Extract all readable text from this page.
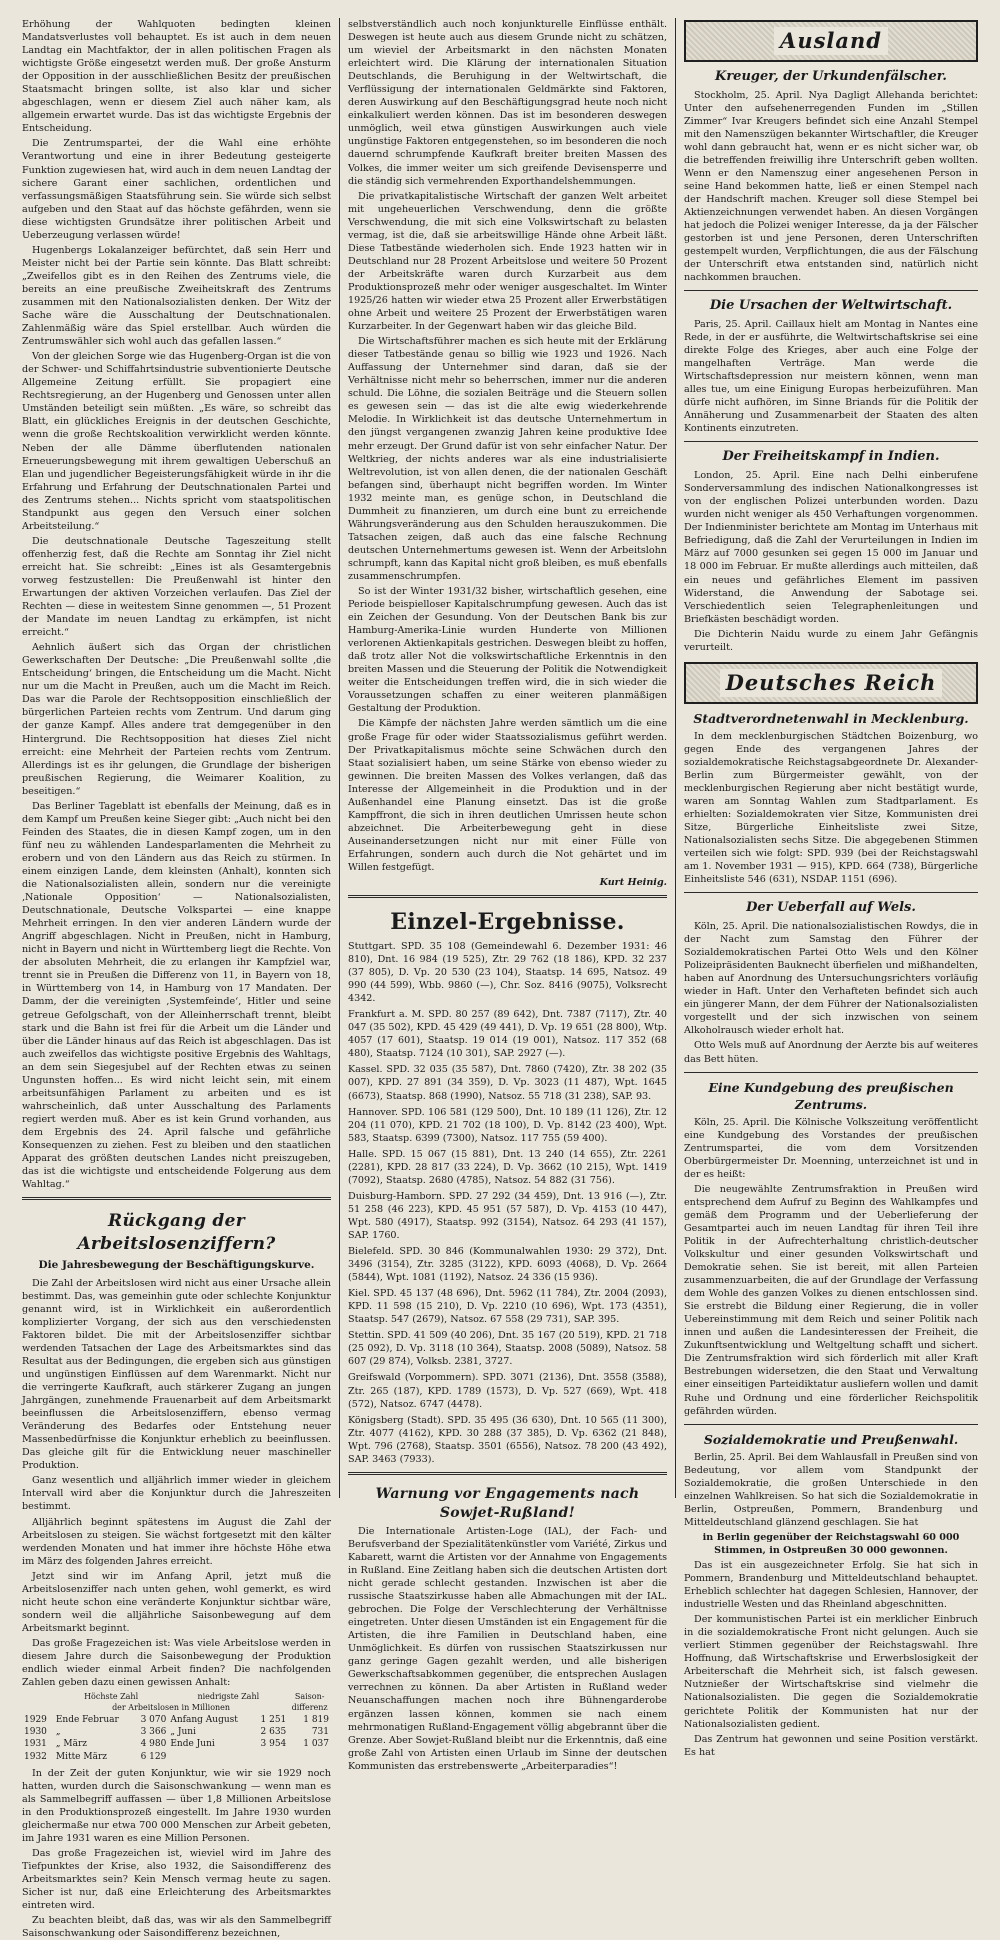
Erhöhung der Wahlquoten bedingten kleinen Mandatsverlustes voll behauptet. Es ist auch in dem neuen Landtag ein Machtfaktor, der in allen politischen Fragen als wichtigste Größe eingesetzt werden muß. Der große Ansturm der Opposition in der ausschließlichen Besitz der preußischen Staatsmacht bringen sollte, ist also klar und sicher abgeschlagen, wenn er diesem Ziel auch näher kam, als allgemein erwartet wurde. Das ist das wichtigste Ergebnis der Entscheidung.

Die Zentrumspartei, der die Wahl eine erhöhte Verantwortung und eine in ihrer Bedeutung gesteigerte Funktion zugewiesen hat, wird auch in dem neuen Landtag der sichere Garant einer sachlichen, ordentlichen und verfassungsmäßigen Staatsführung sein. Sie würde sich selbst aufgeben und den Staat auf das höchste gefährden, wenn sie diese wichtigsten Grundsätze ihrer politischen Arbeit und Ueberzeugung verlassen würde!

Hugenbergs Lokalanzeiger befürchtet, daß sein Herr und Meister nicht bei der Partie sein könnte. Das Blatt schreibt: „Zweifellos gibt es in den Reihen des Zentrums viele, die bereits an eine preußische Zweiheitskraft des Zentrums zusammen mit den Nationalsozialisten denken. Der Witz der Sache wäre die Ausschaltung der Deutschnationalen. Zahlenmäßig wäre das Spiel erstellbar. Auch würden die Zentrumswähler sich wohl auch das gefallen lassen.“

Von der gleichen Sorge wie das Hugenberg-Organ ist die von der Schwer- und Schiffahrtsindustrie subventionierte Deutsche Allgemeine Zeitung erfüllt. Sie propagiert eine Rechtsregierung, an der Hugenberg und Genossen unter allen Umständen beteiligt sein müßten. „Es wäre, so schreibt das Blatt, ein glückliches Ereignis in der deutschen Geschichte, wenn die große Rechtskoalition verwirklicht werden könnte. Neben der alle Dämme überflutenden nationalen Erneuerungsbewegung mit ihrem gewaltigen Ueberschuß an Elan und jugendlicher Begeisterungsfähigkeit würde in ihr die Erfahrung und Erfahrung der Deutschnationalen Partei und des Zentrums stehen... Nichts spricht vom staatspolitischen Standpunkt aus gegen den Versuch einer solchen Arbeitsteilung.“

Die deutschnationale Deutsche Tageszeitung stellt offenherzig fest, daß die Rechte am Sonntag ihr Ziel nicht erreicht hat. Sie schreibt: „Eines ist als Gesamtergebnis vorweg festzustellen: Die Preußenwahl ist hinter den Erwartungen der aktiven Vorzeichen verlaufen. Das Ziel der Rechten — diese in weitestem Sinne genommen —, 51 Prozent der Mandate im neuen Landtag zu erkämpfen, ist nicht erreicht.“

Aehnlich äußert sich das Organ der christlichen Gewerkschaften Der Deutsche: „Die Preußenwahl sollte ‚die Entscheidung‘ bringen, die Entscheidung um die Macht. Nicht nur um die Macht in Preußen, auch um die Macht im Reich. Das war die Parole der Rechtsopposition einschließlich der bürgerlichen Parteien rechts vom Zentrum. Und darum ging der ganze Kampf. Alles andere trat demgegenüber in den Hintergrund. Die Rechtsopposition hat dieses Ziel nicht erreicht: eine Mehrheit der Parteien rechts vom Zentrum. Allerdings ist es ihr gelungen, die Grundlage der bisherigen preußischen Regierung, die Weimarer Koalition, zu beseitigen.“

Das Berliner Tageblatt ist ebenfalls der Meinung, daß es in dem Kampf um Preußen keine Sieger gibt: „Auch nicht bei den Feinden des Staates, die in diesen Kampf zogen, um in den fünf neu zu wählenden Landesparlamenten die Mehrheit zu erobern und von den Ländern aus das Reich zu stürmen. In einem einzigen Lande, dem kleinsten (Anhalt), konnten sich die Nationalsozialisten allein, sondern nur die vereinigte ‚Nationale Opposition‘ — Nationalsozialisten, Deutschnationale, Deutsche Volkspartei — eine knappe Mehrheit erringen. In den vier anderen Ländern wurde der Angriff abgeschlagen. Nicht in Preußen, nicht in Hamburg, nicht in Bayern und nicht in Württemberg liegt die Rechte. Von der absoluten Mehrheit, die zu erlangen ihr Kampfziel war, trennt sie in Preußen die Differenz von 11, in Bayern von 18, in Württemberg von 14, in Hamburg von 17 Mandaten. Der Damm, der die vereinigten ‚Systemfeinde‘, Hitler und seine getreue Gefolgschaft, von der Alleinherrschaft trennt, bleibt stark und die Bahn ist frei für die Arbeit um die Länder und über die Länder hinaus auf das Reich ist abgeschlagen. Das ist auch zweifellos das wichtigste positive Ergebnis des Wahltags, an dem sein Siegesjubel auf der Rechten etwas zu seinen Ungunsten hoffen... Es wird nicht leicht sein, mit einem arbeitsunfähigen Parlament zu arbeiten und es ist wahrscheinlich, daß unter Ausschaltung des Parlaments regiert werden muß. Aber es ist kein Grund vorhanden, aus dem Ergebnis des 24. April falsche und gefährliche Konsequenzen zu ziehen. Fest zu bleiben und den staatlichen Apparat des größten deutschen Landes nicht preiszugeben, das ist die wichtigste und entscheidende Folgerung aus dem Wahltag.“

Rückgang der Arbeitslosenziffern?
Die Jahresbewegung der Beschäftigungskurve.

Die Zahl der Arbeitslosen wird nicht aus einer Ursache allein bestimmt. Das, was gemeinhin gute oder schlechte Konjunktur genannt wird, ist in Wirklichkeit ein außerordentlich komplizierter Vorgang, der sich aus den verschiedensten Faktoren bildet. Die mit der Arbeitslosenziffer sichtbar werdenden Tatsachen der Lage des Arbeitsmarktes sind das Resultat aus der Bedingungen, die ergeben sich aus günstigen und ungünstigen Einflüssen auf dem Warenmarkt. Nicht nur die verringerte Kaufkraft, auch stärkerer Zugang an jungen Jahrgängen, zunehmende Frauenarbeit auf dem Arbeitsmarkt beeinflussen die Arbeitslosenziffern, ebenso vermag Veränderung des Bedarfes oder Entstehung neuer Massenbedürfnisse die Konjunktur erheblich zu beeinflussen. Das gleiche gilt für die Entwicklung neuer maschineller Produktion.

Ganz wesentlich und alljährlich immer wieder in gleichem Intervall wird aber die Konjunktur durch die Jahreszeiten bestimmt.

Alljährlich beginnt spätestens im August die Zahl der Arbeitslosen zu steigen. Sie wächst fortgesetzt mit den kälter werdenden Monaten und hat immer ihre höchste Höhe etwa im März des folgenden Jahres erreicht.

Jetzt sind wir im Anfang April, jetzt muß die Arbeitslosenziffer nach unten gehen, wohl gemerkt, es wird nicht heute schon eine veränderte Konjunktur sichtbar wäre, sondern weil die alljährliche Saisonbewegung auf dem Arbeitsmarkt beginnt.

Das große Fragezeichen ist: Was viele Arbeitslose werden in diesem Jahre durch die Saisonbewegung der Produktion endlich wieder einmal Arbeit finden? Die nachfolgenden Zahlen geben dazu einen gewissen Anhalt:

	Höchste Zahl		niedrigste Zahl		Saison-
	der Arbeitslosen in Millionen				differenz
1929	Ende Februar	3 070	Anfang August	1 251	1 819
1930	„	3 366	„ Juni	2 635	731
1931	„ März	4 980	Ende Juni	3 954	1 037
1932	Mitte März	6 129			

In der Zeit der guten Konjunktur, wie wir sie 1929 noch hatten, wurden durch die Saisonschwankung — wenn man es als Sammelbegriff auffassen — über 1,8 Millionen Arbeitslose in den Produktionsprozeß eingestellt. Im Jahre 1930 wurden gleichermaße nur etwa 700 000 Menschen zur Arbeit gebeten, im Jahre 1931 waren es eine Million Personen.

Das große Fragezeichen ist, wieviel wird im Jahre des Tiefpunktes der Krise, also 1932, die Saisondifferenz des Arbeitsmarktes sein? Kein Mensch vermag heute zu sagen. Sicher ist nur, daß eine Erleichterung des Arbeitsmarktes eintreten wird.

Zu beachten bleibt, daß das, was wir als den Sammelbegriff Saisonschwankung oder Saisondifferenz bezeichnen,

selbstverständlich auch noch konjunkturelle Einflüsse enthält. Deswegen ist heute auch aus diesem Grunde nicht zu schätzen, um wieviel der Arbeitsmarkt in den nächsten Monaten erleichtert wird. Die Klärung der internationalen Situation Deutschlands, die Beruhigung in der Weltwirtschaft, die Verflüssigung der internationalen Geldmärkte sind Faktoren, deren Auswirkung auf den Beschäftigungsgrad heute noch nicht einkalkuliert werden können. Das ist im besonderen deswegen unmöglich, weil etwa günstigen Auswirkungen auch viele ungünstige Faktoren entgegenstehen, so im besonderen die noch dauernd schrumpfende Kaufkraft breiter breiten Massen des Volkes, die immer weiter um sich greifende Devisensperre und die ständig sich vermehrenden Exporthandelshemmungen.

Die privatkapitalistische Wirtschaft der ganzen Welt arbeitet mit ungeheuerlichen Verschwendung, denn die größte Verschwendung, die mit sich eine Volkswirtschaft zu belasten vermag, ist die, daß sie arbeitswillige Hände ohne Arbeit läßt. Diese Tatbestände wiederholen sich. Ende 1923 hatten wir in Deutschland nur 28 Prozent Arbeitslose und weitere 50 Prozent der Arbeitskräfte waren durch Kurzarbeit aus dem Produktionsprozeß mehr oder weniger ausgeschaltet. Im Winter 1925/26 hatten wir wieder etwa 25 Prozent aller Erwerbstätigen ohne Arbeit und weitere 25 Prozent der Erwerbstätigen waren Kurzarbeiter. In der Gegenwart haben wir das gleiche Bild.

Die Wirtschaftsführer machen es sich heute mit der Erklärung dieser Tatbestände genau so billig wie 1923 und 1926. Nach Auffassung der Unternehmer sind daran, daß sie der Verhältnisse nicht mehr so beherrschen, immer nur die anderen schuld. Die Löhne, die sozialen Beiträge und die Steuern sollen es gewesen sein — das ist die alte ewig wiederkehrende Melodie. In Wirklichkeit ist das deutsche Unternehmertum in den jüngst vergangenen zwanzig Jahren keine produktive Idee mehr erzeugt. Der Grund dafür ist von sehr einfacher Natur. Der Weltkrieg, der nichts anderes war als eine industrialisierte Weltrevolution, ist von allen denen, die der nationalen Geschäft befangen sind, überhaupt nicht begriffen worden. Im Winter 1932 meinte man, es genüge schon, in Deutschland die Dummheit zu finanzieren, um durch eine bunt zu erreichende Währungsveränderung aus den Schulden herauszukommen. Die Tatsachen zeigen, daß auch das eine falsche Rechnung deutschen Unternehmertums gewesen ist. Wenn der Arbeitslohn schrumpft, kann das Kapital nicht groß bleiben, es muß ebenfalls zusammenschrumpfen.

So ist der Winter 1931/32 bisher, wirtschaftlich gesehen, eine Periode beispielloser Kapitalschrumpfung gewesen. Auch das ist ein Zeichen der Gesundung. Von der Deutschen Bank bis zur Hamburg-Amerika-Linie wurden Hunderte von Millionen verlorenen Aktienkapitals gestrichen. Deswegen bleibt zu hoffen, daß trotz aller Not die volkswirtschaftliche Erkenntnis in den breiten Massen und die Steuerung der Politik die Notwendigkeit weiter die Entscheidungen treffen wird, die in sich wieder die Voraussetzungen schaffen zu einer weiteren planmäßigen Gestaltung der Produktion.

Die Kämpfe der nächsten Jahre werden sämtlich um die eine große Frage für oder wider Staatssozialismus geführt werden. Der Privatkapitalismus möchte seine Schwächen durch den Staat sozialisiert haben, um seine Stärke von ebenso wieder zu gewinnen. Die breiten Massen des Volkes verlangen, daß das Interesse der Allgemeinheit in die Produktion und in der Außenhandel eine Planung einsetzt. Das ist die große Kampffront, die sich in ihren deutlichen Umrissen heute schon abzeichnet. Die Arbeiterbewegung geht in diese Auseinandersetzungen nicht nur mit einer Fülle von Erfahrungen, sondern auch durch die Not gehärtet und im Willen festgefügt.

Kurt Heinig.
Einzel-Ergebnisse.

Stuttgart. SPD. 35 108 (Gemeindewahl 6. Dezember 1931: 46 810), Dnt. 16 984 (19 525), Ztr. 29 762 (18 186), KPD. 32 237 (37 805), D. Vp. 20 530 (23 104), Staatsp. 14 695, Natsoz. 49 990 (44 599), Wbb. 9860 (—), Chr. Soz. 8416 (9075), Volksrecht 4342.

Frankfurt a. M. SPD. 80 257 (89 642), Dnt. 7387 (7117), Ztr. 40 047 (35 502), KPD. 45 429 (49 441), D. Vp. 19 651 (28 800), Wtp. 4057 (17 601), Staatsp. 19 014 (19 001), Natsoz. 117 352 (68 480), Staatsp. 7124 (10 301), SAP. 2927 (—).

Kassel. SPD. 32 035 (35 587), Dnt. 7860 (7420), Ztr. 38 202 (35 007), KPD. 27 891 (34 359), D. Vp. 3023 (11 487), Wpt. 1645 (6673), Staatsp. 868 (1990), Natsoz. 55 718 (31 238), SAP. 93.

Hannover. SPD. 106 581 (129 500), Dnt. 10 189 (11 126), Ztr. 12 204 (11 070), KPD. 21 702 (18 100), D. Vp. 8142 (23 400), Wpt. 583, Staatsp. 6399 (7300), Natsoz. 117 755 (59 400).

Halle. SPD. 15 067 (15 881), Dnt. 13 240 (14 655), Ztr. 2261 (2281), KPD. 28 817 (33 224), D. Vp. 3662 (10 215), Wpt. 1419 (7092), Staatsp. 2680 (4785), Natsoz. 54 882 (31 756).

Duisburg-Hamborn. SPD. 27 292 (34 459), Dnt. 13 916 (—), Ztr. 51 258 (46 223), KPD. 45 951 (57 587), D. Vp. 4153 (10 447), Wpt. 580 (4917), Staatsp. 992 (3154), Natsoz. 64 293 (41 157), SAP. 1760.

Bielefeld. SPD. 30 846 (Kommunalwahlen 1930: 29 372), Dnt. 3496 (3154), Ztr. 3285 (3122), KPD. 6093 (4068), D. Vp. 2664 (5844), Wpt. 1081 (1192), Natsoz. 24 336 (15 936).

Kiel. SPD. 45 137 (48 696), Dnt. 5962 (11 784), Ztr. 2004 (2093), KPD. 11 598 (15 210), D. Vp. 2210 (10 696), Wpt. 173 (4351), Staatsp. 547 (2679), Natsoz. 67 558 (29 731), SAP. 395.

Stettin. SPD. 41 509 (40 206), Dnt. 35 167 (20 519), KPD. 21 718 (25 092), D. Vp. 3118 (10 364), Staatsp. 2008 (5089), Natsoz. 58 607 (29 874), Volksb. 2381, 3727.

Greifswald (Vorpommern). SPD. 3071 (2136), Dnt. 3558 (3588), Ztr. 265 (187), KPD. 1789 (1573), D. Vp. 527 (669), Wpt. 418 (572), Natsoz. 6747 (4478).

Königsberg (Stadt). SPD. 35 495 (36 630), Dnt. 10 565 (11 300), Ztr. 4077 (4162), KPD. 30 288 (37 385), D. Vp. 6362 (21 848), Wpt. 796 (2768), Staatsp. 3501 (6556), Natsoz. 78 200 (43 492), SAP. 3463 (7933).

Warnung vor Engagements nach Sowjet-Rußland!

Die Internationale Artisten-Loge (IAL), der Fach- und Berufsverband der Spezialitätenkünstler vom Variété, Zirkus und Kabarett, warnt die Artisten vor der Annahme von Engagements in Rußland. Eine Zeitlang haben sich die deutschen Artisten dort nicht gerade schlecht gestanden. Inzwischen ist aber die russische Staatszirkusse haben alle Abmachungen mit der IAL. gebrochen. Die Folge der Verschlechterung der Verhältnisse eingetreten. Unter diesen Umständen ist ein Engagement für die Artisten, die ihre Familien in Deutschland haben, eine Unmöglichkeit. Es dürfen von russischen Staatszirkussen nur ganz geringe Gagen gezahlt werden, und alle bisherigen Gewerkschaftsabkommen gegenüber, die entsprechen Auslagen verrechnen zu können. Da aber Artisten in Rußland weder Neuanschaffungen machen noch ihre Bühnengarderobe ergänzen lassen können, kommen sie nach einem mehrmonatigen Rußland-Engagement völlig abgebrannt über die Grenze. Aber Sowjet-Rußland bleibt nur die Erkenntnis, daß eine große Zahl von Artisten einen Urlaub im Sinne der deutschen Kommunisten das erstrebenswerte „Arbeiterparadies“!

Ausland
Kreuger, der Urkundenfälscher.

Stockholm, 25. April. Nya Dagligt Allehanda berichtet: Unter den aufsehenerregenden Funden im „Stillen Zimmer“ Ivar Kreugers befindet sich eine Anzahl Stempel mit den Namenszügen bekannter Wirtschaftler, die Kreuger wohl dann gebraucht hat, wenn er es nicht sicher war, ob die betreffenden freiwillig ihre Unterschrift geben wollten. Wenn er den Namenszug einer angesehenen Person in seine Hand bekommen hatte, ließ er einen Stempel nach der Handschrift machen. Kreuger soll diese Stempel bei Aktienzeichnungen verwendet haben. An diesen Vorgängen hat jedoch die Polizei weniger Interesse, da ja der Fälscher gestorben ist und jene Personen, deren Unterschriften gestempelt wurden, Verpflichtungen, die aus der Fälschung der Unterschrift etwa entstanden sind, natürlich nicht nachkommen brauchen.

Die Ursachen der Weltwirtschaft.

Paris, 25. April. Caillaux hielt am Montag in Nantes eine Rede, in der er ausführte, die Weltwirtschaftskrise sei eine direkte Folge des Krieges, aber auch eine Folge der mangelhaften Verträge. Man werde die Wirtschaftsdepression nur meistern können, wenn man alles tue, um eine Einigung Europas herbeizuführen. Man dürfe nicht aufhören, im Sinne Briands für die Politik der Annäherung und Zusammenarbeit der Staaten des alten Kontinents einzutreten.

Der Freiheitskampf in Indien.

London, 25. April. Eine nach Delhi einberufene Sonderversammlung des indischen Nationalkongresses ist von der englischen Polizei unterbunden worden. Dazu wurden nicht weniger als 450 Verhaftungen vorgenommen. Der Indienminister berichtete am Montag im Unterhaus mit Befriedigung, daß die Zahl der Verurteilungen in Indien im März auf 7000 gesunken sei gegen 15 000 im Januar und 18 000 im Februar. Er mußte allerdings auch mitteilen, daß ein neues und gefährliches Element im passiven Widerstand, die Anwendung der Sabotage sei. Verschiedentlich seien Telegraphenleitungen und Briefkästen beschädigt worden.

Die Dichterin Naidu wurde zu einem Jahr Gefängnis verurteilt.

Deutsches Reich
Stadtverordnetenwahl in Mecklenburg.

In dem mecklenburgischen Städtchen Boizenburg, wo gegen Ende des vergangenen Jahres der sozialdemokratische Reichstagsabgeordnete Dr. Alexander-Berlin zum Bürgermeister gewählt, von der mecklenburgischen Regierung aber nicht bestätigt wurde, waren am Sonntag Wahlen zum Stadtparlament. Es erhielten: Sozialdemokraten vier Sitze, Kommunisten drei Sitze, Bürgerliche Einheitsliste zwei Sitze, Nationalsozialisten sechs Sitze. Die abgegebenen Stimmen verteilen sich wie folgt: SPD. 939 (bei der Reichstagswahl am 1. November 1931 — 915), KPD. 664 (738), Bürgerliche Einheitsliste 546 (631), NSDAP. 1151 (696).

Der Ueberfall auf Wels.

Köln, 25. April. Die nationalsozialistischen Rowdys, die in der Nacht zum Samstag den Führer der Sozialdemokratischen Partei Otto Wels und den Kölner Polizeipräsidenten Bauknecht überfielen und mißhandelten, haben auf Anordnung des Untersuchungsrichters vorläufig wieder in Haft. Unter den Verhafteten befindet sich auch ein jüngerer Mann, der dem Führer der Nationalsozialisten vorgestellt und der sich inzwischen von seinem Alkoholrausch wieder erholt hat.

Otto Wels muß auf Anordnung der Aerzte bis auf weiteres das Bett hüten.

Eine Kundgebung des preußischen Zentrums.

Köln, 25. April. Die Kölnische Volkszeitung veröffentlicht eine Kundgebung des Vorstandes der preußischen Zentrumspartei, die vom dem Vorsitzenden Oberbürgermeister Dr. Moenning, unterzeichnet ist und in der es heißt:

Die neugewählte Zentrumsfraktion in Preußen wird entsprechend dem Aufruf zu Beginn des Wahlkampfes und gemäß dem Programm und der Ueberlieferung der Gesamtpartei auch im neuen Landtag für ihren Teil ihre Politik in der Aufrechterhaltung christlich-deutscher Volkskultur und einer gesunden Volkswirtschaft und Demokratie sehen. Sie ist bereit, mit allen Parteien zusammenzuarbeiten, die auf der Grundlage der Verfassung dem Wohle des ganzen Volkes zu dienen entschlossen sind. Sie erstrebt die Bildung einer Regierung, die in voller Uebereinstimmung mit dem Reich und seiner Politik nach innen und außen die Landesinteressen der Freiheit, die Zukunftsentwicklung und Weltgeltung schafft und sichert. Die Zentrumsfraktion wird sich förderlich mit aller Kraft Bestrebungen widersetzen, die den Staat und Verwaltung einer einseitigen Parteidiktatur ausliefern wollen und damit Ruhe und Ordnung und eine förderlicher Reichspolitik gefährden würden.

Sozialdemokratie und Preußenwahl.

Berlin, 25. April. Bei dem Wahlausfall in Preußen sind von Bedeutung, vor allem vom Standpunkt der Sozialdemokratie, die großen Unterschiede in den einzelnen Wahlkreisen. So hat sich die Sozialdemokratie in Berlin, Ostpreußen, Pommern, Brandenburg und Mitteldeutschland glänzend geschlagen. Sie hat

in Berlin gegenüber der Reichstagswahl 60 000 Stimmen, in Ostpreußen 30 000 gewonnen.

Das ist ein ausgezeichneter Erfolg. Sie hat sich in Pommern, Brandenburg und Mitteldeutschland behauptet. Erheblich schlechter hat dagegen Schlesien, Hannover, der industrielle Westen und das Rheinland abgeschnitten.

Der kommunistischen Partei ist ein merklicher Einbruch in die sozialdemokratische Front nicht gelungen. Auch sie verliert Stimmen gegenüber der Reichstagswahl. Ihre Hoffnung, daß Wirtschaftskrise und Erwerbslosigkeit der Arbeiterschaft die Mehrheit sich, ist falsch gewesen. Nutznießer der Wirtschaftskrise sind vielmehr die Nationalsozialisten. Die gegen die Sozialdemokratie gerichtete Politik der Kommunisten hat nur der Nationalsozialisten gedient.

Das Zentrum hat gewonnen und seine Position verstärkt. Es hat
